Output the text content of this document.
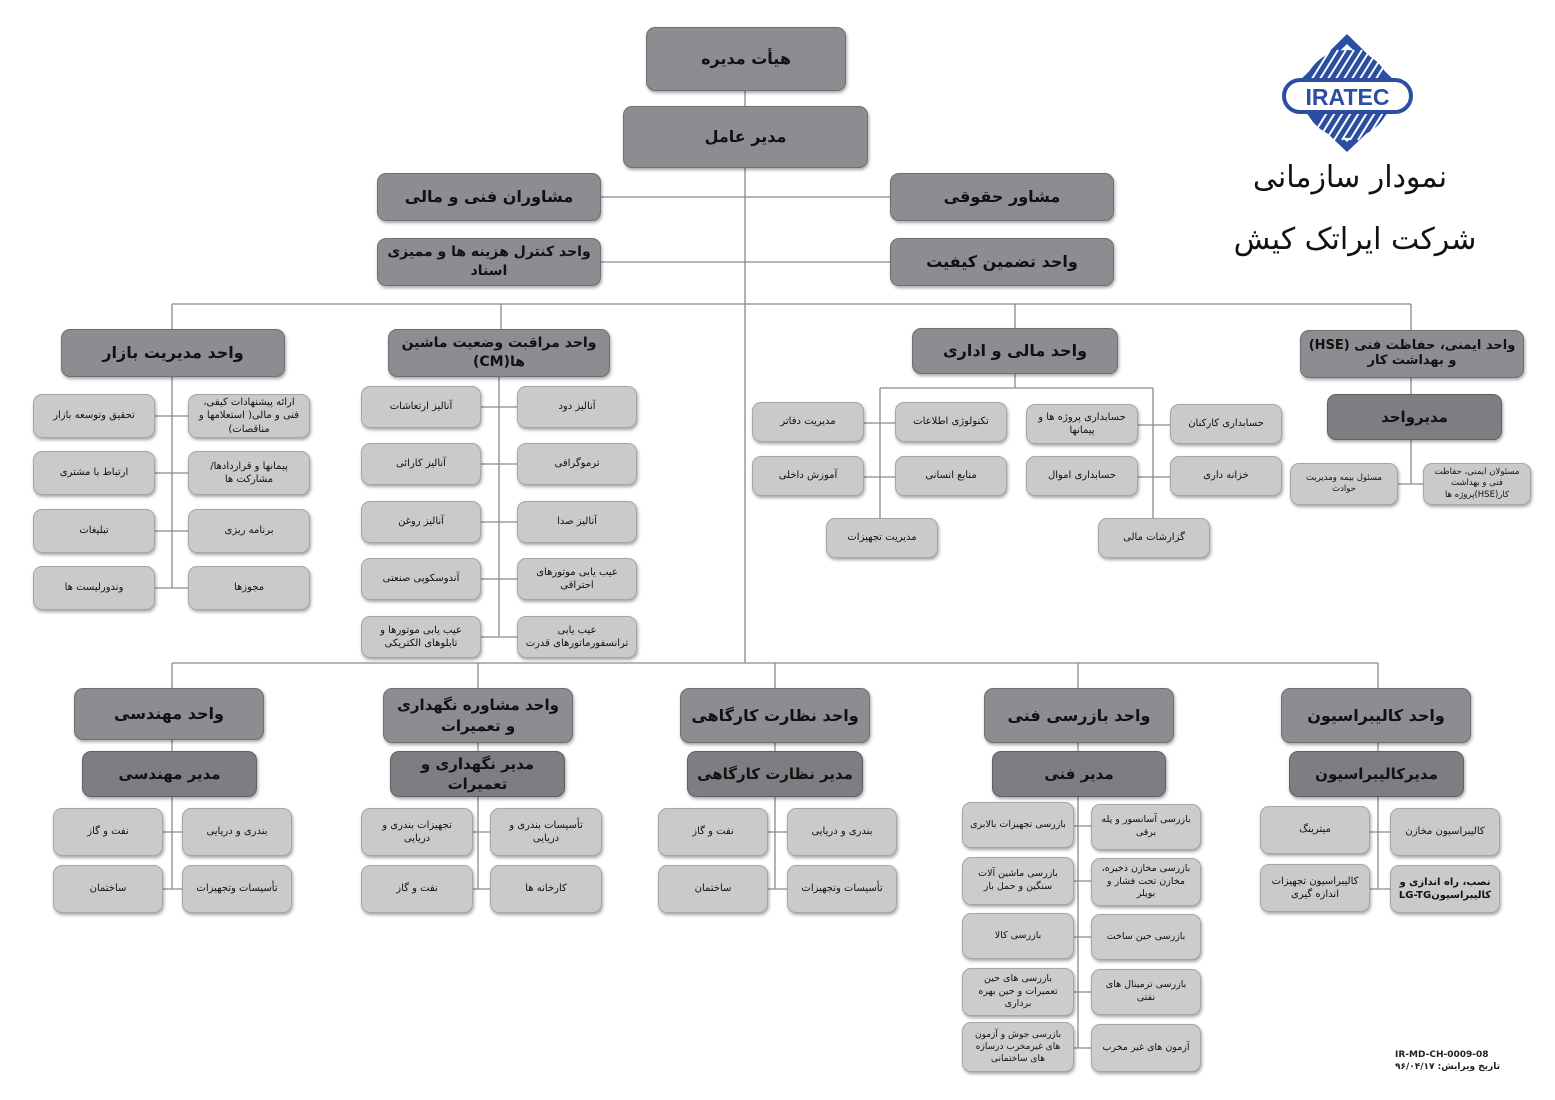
IRATEC
نمودار سازمانی
شرکت ایراتک کیش
هیأت مدیره
مدیر عامل
مشاوران فنی و مالی	مشاور حقوقی
واحد کنترل هزینه ها و ممیزی اسناد	واحد تضمین کیفیت
واحد مدیریت بازار
ارائه پیشنهادات کیفی، فنی و مالی( استعلامها و مناقصات)
تحقیق وتوسعه بازار
پیمانها و قراردادها/ مشارکت ها
ارتباط با مشتری
برنامه ریزی
تبلیغات
مجوزها
وندورلیست ها
واحد مراقبت وضعیت ماشین ها(CM)
آنالیز دود
آنالیز ارتعاشات
ترموگرافی
آنالیز کارائی
آنالیز صدا
آنالیز روغن
عیب یابی موتورهای احتراقی
آندوسکوپی صنعتی
عیب یابی ترانسفورماتورهای قدرت
عیب یابی موتورها و تابلوهای الکتریکی
واحد مالی و اداری
حسابداری کارکنان
حسابداری پروژه ها و پیمانها
تکنولوژی اطلاعات
مدیریت دفاتر
خزانه داری
حسابداری اموال
منابع انسانی
آموزش داخلی
گزارشات مالی
مدیریت تجهیزات
واحد ایمنی، حفاظت فنی (HSE) و بهداشت کار
مدیرواحد
مسئولان ایمنی، حفاظت فنی و بهداشت کار(HSE)پروژه ها
مسئول بیمه ومدیریت حوادث
واحد مهندسی
مدیر مهندسی
بندری و دریایی
نفت و گاز
تأسیسات وتجهیزات
ساختمان
واحد مشاوره نگهداری و تعمیرات
مدیر نگهداری و تعمیرات
تأسیسات بندری و دریایی
تجهیزات بندری و دریایی
کارخانه ها
نفت و گاز
واحد نظارت کارگاهی
مدیر نظارت کارگاهی
بندری و دریایی
نفت و گاز
تأسیسات وتجهیزات
ساختمان
واحد بازرسی فنی
مدیر فنی
بازرسی آسانسور و پله برقی
بازرسی تجهیزات بالابری
بازرسی مخازن ذخیره، مخازن تحت فشار و بویلر
بازرسی ماشین آلات سنگین و حمل بار
بازرسی حین ساخت
بازرسی کالا
بازرسی ترمینال های نفتی
بازرسی های حین تعمیرات و حین بهره برداری
آزمون های غیر مخرب
بازرسی جوش و آزمون های غیرمخرب درسازه های ساختمانی
واحد کالیبراسیون
مدیرکالیبراسیون
کالیبراسیون مخازن
میترینگ
نصب، راه اندازی و کالیبراسیونLG-TG
کالیبراسیون تجهیزات اندازه گیری
IR-MD-CH-0009-08
تاریخ ویرایش: ۹۶/۰۴/۱۷
